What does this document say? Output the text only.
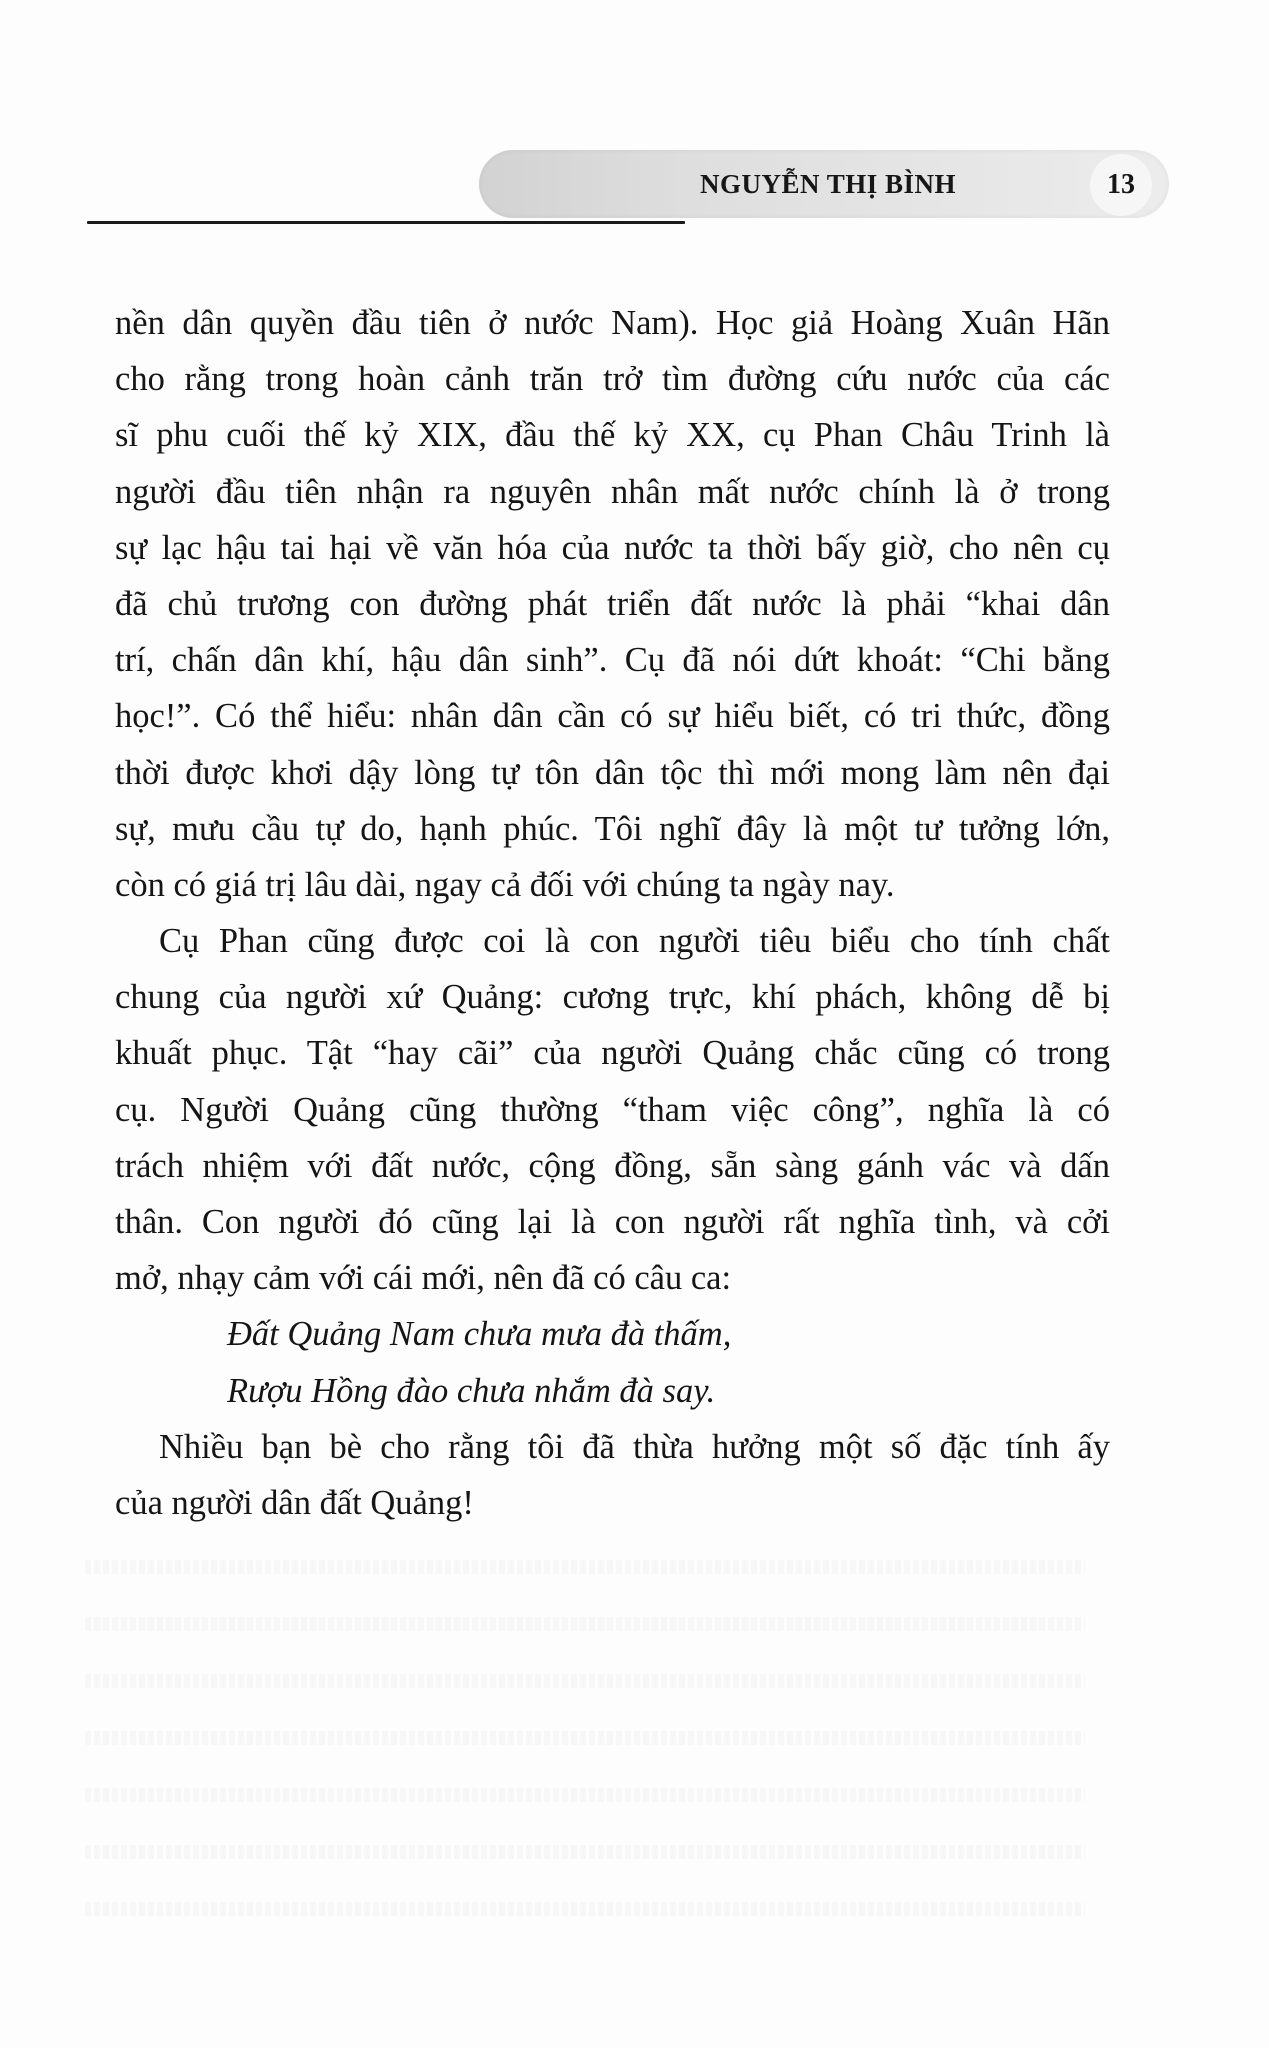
NGUYỄN THỊ BÌNH	13
nền dân quyền đầu tiên ở nước Nam). Học giả Hoàng Xuân Hãn
cho rằng trong hoàn cảnh trăn trở tìm đường cứu nước của các
sĩ phu cuối thế kỷ XIX, đầu thế kỷ XX, cụ Phan Châu Trinh là
người đầu tiên nhận ra nguyên nhân mất nước chính là ở trong
sự lạc hậu tai hại về văn hóa của nước ta thời bấy giờ, cho nên cụ
đã chủ trương con đường phát triển đất nước là phải “khai dân
trí, chấn dân khí, hậu dân sinh”. Cụ đã nói dứt khoát: “Chi bằng
học!”. Có thể hiểu: nhân dân cần có sự hiểu biết, có tri thức, đồng
thời được khơi dậy lòng tự tôn dân tộc thì mới mong làm nên đại
sự, mưu cầu tự do, hạnh phúc. Tôi nghĩ đây là một tư tưởng lớn,
còn có giá trị lâu dài, ngay cả đối với chúng ta ngày nay.
Cụ Phan cũng được coi là con người tiêu biểu cho tính chất
chung của người xứ Quảng: cương trực, khí phách, không dễ bị
khuất phục. Tật “hay cãi” của người Quảng chắc cũng có trong
cụ. Người Quảng cũng thường “tham việc công”, nghĩa là có
trách nhiệm với đất nước, cộng đồng, sẵn sàng gánh vác và dấn
thân. Con người đó cũng lại là con người rất nghĩa tình, và cởi
mở, nhạy cảm với cái mới, nên đã có câu ca:
Đất Quảng Nam chưa mưa đà thấm,
Rượu Hồng đào chưa nhắm đà say.
Nhiều bạn bè cho rằng tôi đã thừa hưởng một số đặc tính ấy
của người dân đất Quảng!
